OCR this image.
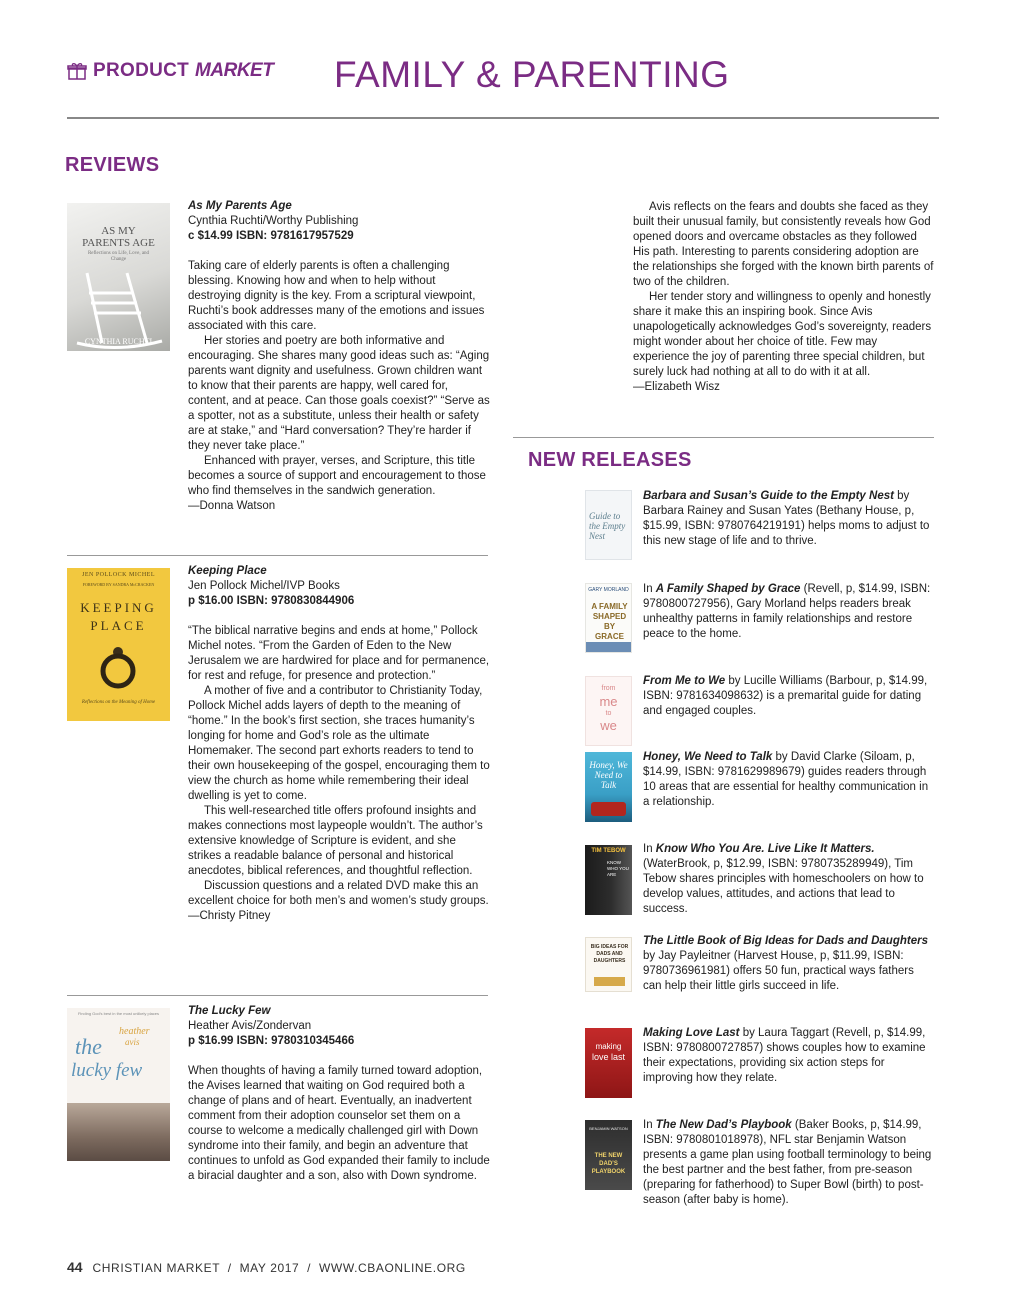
PRODUCT MARKET FAMILY & PARENTING
REVIEWS
AS MY
PARENTS AGE
Reflections on Life, Love, and Change
CYNTHIA RUCHTI
As My Parents Age
Cynthia Ruchti/Worthy Publishing
c $14.99 ISBN: 9781617957529

Taking care of elderly parents is often a challenging blessing. Knowing how and when to help without destroying dignity is the key. From a scriptural viewpoint, Ruchti’s book addresses many of the emotions and issues associated with this care.

Her stories and poetry are both informative and encouraging. She shares many good ideas such as: “Aging parents want dignity and usefulness. Grown children want to know that their parents are happy, well cared for, content, and at peace. Can those goals coexist?” “Serve as a spotter, not as a substitute, unless their health or safety are at stake,” and “Hard conversation? They’re harder if they never take place.”

Enhanced with prayer, verses, and Scripture, this title becomes a source of support and encouragement to those who find themselves in the sandwich generation.

—Donna Watson

JEN POLLOCK MICHEL
FOREWORD BY SANDRA McCRACKEN
KEEPING
PLACE
Reflections on the Meaning of Home
Keeping Place
Jen Pollock Michel/IVP Books
p $16.00 ISBN: 9780830844906

“The biblical narrative begins and ends at home,” Pollock Michel notes. “From the Garden of Eden to the New Jerusalem we are hardwired for place and for permanence, for rest and refuge, for presence and protection.”

A mother of five and a contributor to Christianity Today, Pollock Michel adds layers of depth to the meaning of “home.” In the book’s first section, she traces humanity’s longing for home and God’s role as the ultimate Homemaker. The second part exhorts readers to tend to their own housekeeping of the gospel, encouraging them to view the church as home while remembering their ideal dwelling is yet to come.

This well-researched title offers profound insights and makes connections most laypeople wouldn’t. The author’s extensive knowledge of Scripture is evident, and she strikes a readable balance of personal and historical anecdotes, biblical references, and thoughtful reflection.

Discussion questions and a related DVD make this an excellent choice for both men’s and women’s study groups.

—Christy Pitney

Finding God’s best in the most unlikely places
heather
avis
the
lucky few
The Lucky Few
Heather Avis/Zondervan
p $16.99 ISBN: 9780310345466

When thoughts of having a family turned toward adoption, the Avises learned that waiting on God required both a change of plans and of heart. Eventually, an inadvertent comment from their adoption counselor set them on a course to welcome a medically challenged girl with Down syndrome into their family, and begin an adventure that continues to unfold as God expanded their family to include a biracial daughter and a son, also with Down syndrome.

Avis reflects on the fears and doubts she faced as they built their unusual family, but consistently reveals how God opened doors and overcame obstacles as they followed His path. Interesting to parents considering adoption are the relationships she forged with the known birth parents of two of the children.

Her tender story and willingness to openly and honestly share it make this an inspiring book. Since Avis unapologetically acknowledges God’s sovereignty, readers might wonder about her choice of title. Few may experience the joy of parenting three special children, but surely luck had nothing at all to do with it at all.

—Elizabeth Wisz

NEW RELEASES
Guide to the Empty Nest
Barbara and Susan’s Guide to the Empty Nest by Barbara Rainey and Susan Yates (Bethany House, p, $15.99, ISBN: 9780764219191) helps moms to adjust to this new stage of life and to thrive.
GARY MORLAND
A FAMILY SHAPED BY GRACE
In A Family Shaped by Grace (Revell, p, $14.99, ISBN: 9780800727956), Gary Morland helps readers break unhealthy patterns in family relationships and restore peace to the home.
from
me
to
we
From Me to We by Lucille Williams (Barbour, p, $14.99, ISBN: 9781634098632) is a premarital guide for dating and engaged couples.
Honey, We Need to Talk
Honey, We Need to Talk by David Clarke (Siloam, p, $14.99, ISBN: 9781629989679) guides readers through 10 areas that are essential for healthy communication in a relationship.
TIM TEBOW
KNOW WHO YOU ARE
In Know Who You Are. Live Like It Matters. (WaterBrook, p, $12.99, ISBN: 9780735289949), Tim Tebow shares principles with homeschoolers on how to develop values, attitudes, and actions that lead to success.
BIG IDEAS FOR DADS AND DAUGHTERS
The Little Book of Big Ideas for Dads and Daughters by Jay Payleitner (Harvest House, p, $11.99, ISBN: 9780736961981) offers 50 fun, practical ways fathers can help their little girls succeed in life.
making
love last
Making Love Last by Laura Taggart (Revell, p, $14.99, ISBN: 9780800727857) shows couples how to examine their expectations, providing six action steps for improving how they relate.
BENJAMIN WATSON
THE NEW DAD’S PLAYBOOK
In The New Dad’s Playbook (Baker Books, p, $14.99, ISBN: 9780801018978), NFL star Benjamin Watson presents a game plan using football terminology to being the best partner and the best father, from pre-season (preparing for fatherhood) to Super Bowl (birth) to post-season (after baby is home).
44 CHRISTIAN MARKET  /  MAY 2017  /  WWW.CBAONLINE.ORG
